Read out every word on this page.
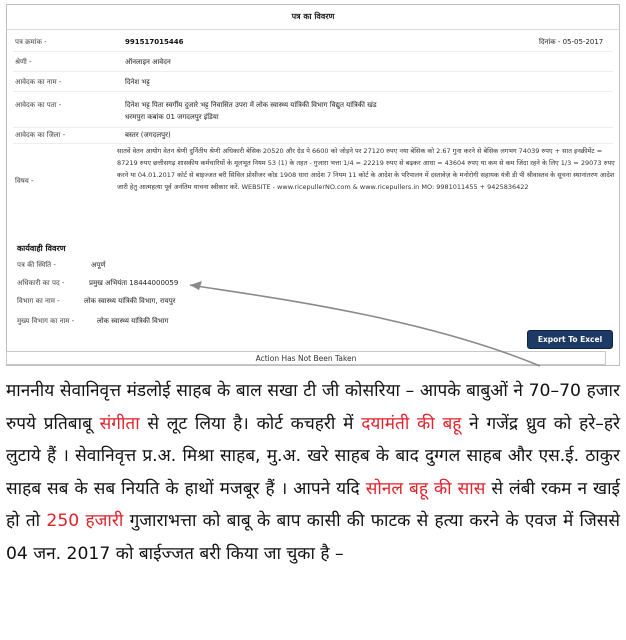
पत्र का विवरण
पत्र क्रमांक -	991517015446	दिनांक - 05-05-2017
श्रेणी -	ऑनलाइन आवेदन
आवेदक का नाम -	दिनेश भट्ट
आवेदक का पता -	दिनेश भट्ट पिता स्वर्गीय दुजारे भट्ट निवासित उपरा में लोक स्वास्थ्य यांत्रिकी विभाग विद्युत यांत्रिकी खंड
धरमपुरा कबांक 01 जगदलपुर इंडिया
आवेदक का जिला -	बस्तर (जगदलपुर)
विषय -
सातवें वेतन आयोग वेतन श्रेणी दुर्नितीय श्रेणी अधिकारी बेसिक 20520 और ग्रेड पे 6600 को जोड़ने पर 27120 रुपए नया बेसिक को 2.67 गुना करने से बेसिक लगभग 74039 रुपए + सात इनक्रीमेंट = 87219 रुपए छत्तीसगढ़ शासकीय कर्मचारियों के मूलभूत नियम 53 (1) के तहत - गुजारा भत्ता 1/4 = 22219 रुपए से बढ़कर आधा = 43604 रुपए या कम से कम जिंदा रहने के लिए 1/3 = 29073 रुपए करने या 04.01.2017 कोर्ट से बाइज्जत बरी सिविल प्रोसीजर कोड 1908 धारा आदेश 7 नियम 11 कोर्ट के आदेश के परिपालन में दस्तावेज़ के मनोरोगी सहायक यंत्री डी पी श्रीवास्तव के सूचना स्थानांतरण आदेश जारी हेतु आत्महत्या पूर्व अनंतिम याचना स्वीकार करें. WEBSITE - www.ricepullerNO.com & www.ricepullers.in MO: 9981011455 + 9425836422
कार्यवाही विवरण
पत्र की स्थिति -	अपूर्ण
अधिकारी का पद -	प्रमुख अभियंता 18444000059
विभाग का नाम -	लोक स्वास्थ्य यांत्रिकी विभाग, रायपुर
मुख्य विभाग का नाम -	लोक स्वास्थ्य यांत्रिकी विभाग
Export To Excel
Action Has Not Been Taken
माननीय सेवानिवृत्त मंडलोई साहब के बाल सखा टी जी कोसरिया – आपके बाबुओं ने 70–70 हजार रुपये प्रतिबाबू संगीता से लूट लिया है। कोर्ट कचहरी में दयामंती की बहू ने गजेंद्र ध्रुव को हरे–हरे लुटाये हैं । सेवानिवृत्त प्र.अ. मिश्रा साहब, मु.अ. खरे साहब के बाद दुग्गल साहब और एस.ई. ठाकुर साहब सब के सब नियति के हाथों मजबूर हैं । आपने यदि सोनल बहू की सास से लंबी रकम न खाई हो तो 250 हजारी गुजाराभत्ता को बाबू के बाप कासी की फाटक से हत्या करने के एवज में जिससे 04 जन. 2017 को बाईज्जत बरी किया जा चुका है –
